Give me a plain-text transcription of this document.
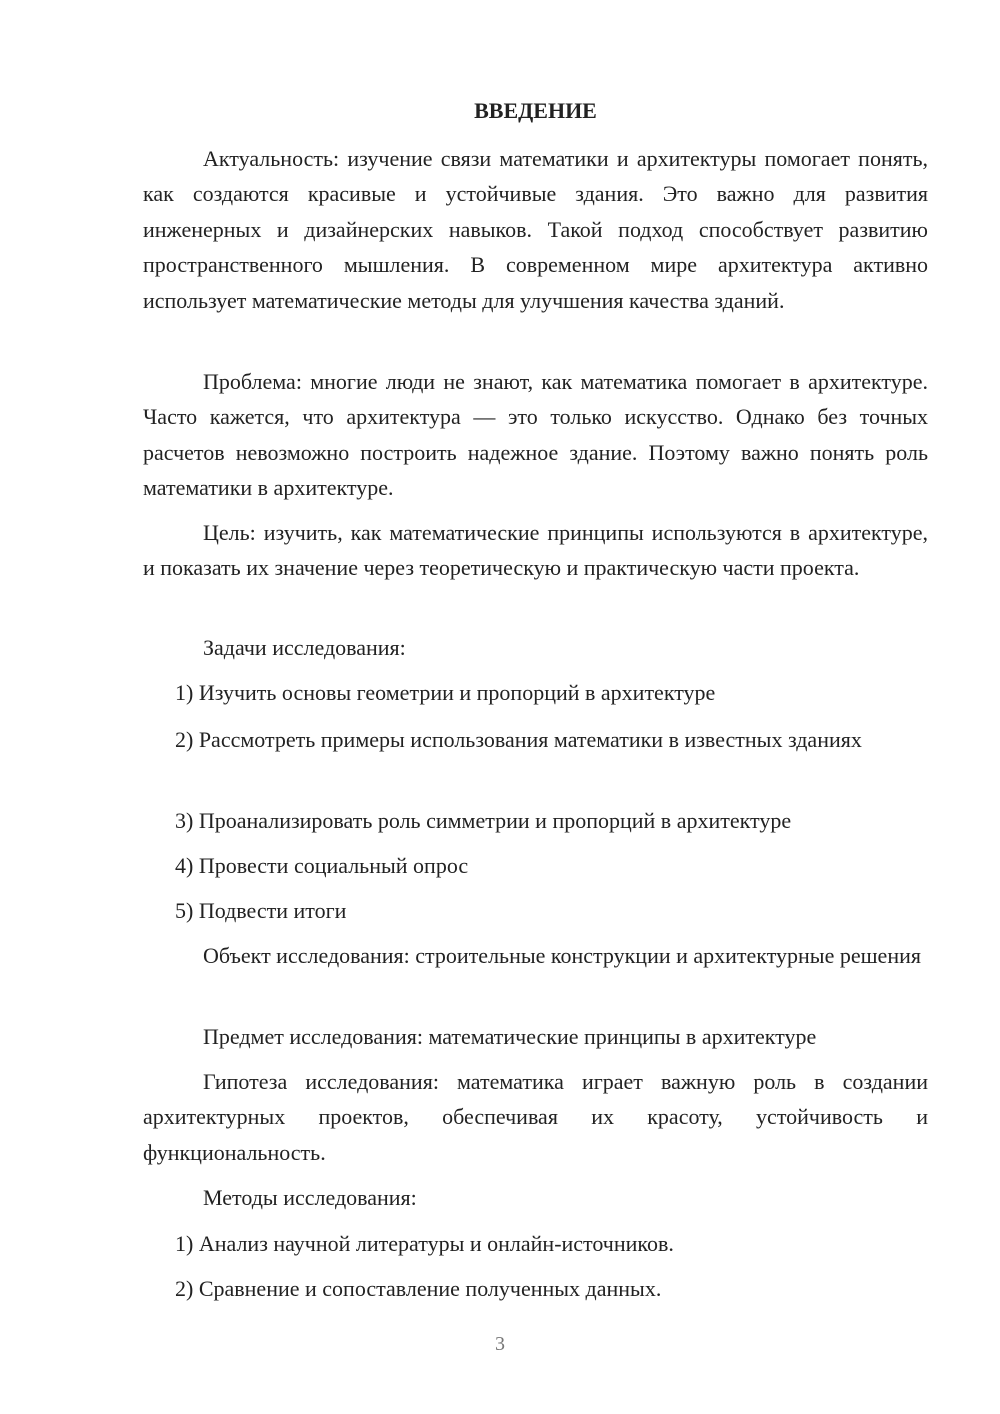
ВВЕДЕНИЕ

Актуальность: изучение связи математики и архитектуры помогает понять, как создаются красивые и устойчивые здания. Это важно для развития инженерных и дизайнерских навыков. Такой подход способствует развитию пространственного мышления. В современном мире архитектура активно использует математические методы для улучшения качества зданий.

Проблема: многие люди не знают, как математика помогает в архитектуре. Часто кажется, что архитектура — это только искусство. Однако без точных расчетов невозможно построить надежное здание. Поэтому важно понять роль математики в архитектуре.

Цель: изучить, как математические принципы используются в архитектуре, и показать их значение через теоретическую и практическую части проекта.

Задачи исследования:

1) Изучить основы геометрии и пропорций в архитектуре

2) Рассмотреть примеры использования математики в известных зданиях

3) Проанализировать роль симметрии и пропорций в архитектуре

4) Провести социальный опрос

5) Подвести итоги

Объект исследования: строительные конструкции и архитектурные решения

Предмет исследования: математические принципы в архитектуре

Гипотеза исследования: математика играет важную роль в создании архитектурных проектов, обеспечивая их красоту, устойчивость и функциональность.

Методы исследования:

1) Анализ научной литературы и онлайн-источников.

2) Сравнение и сопоставление полученных данных.

3
